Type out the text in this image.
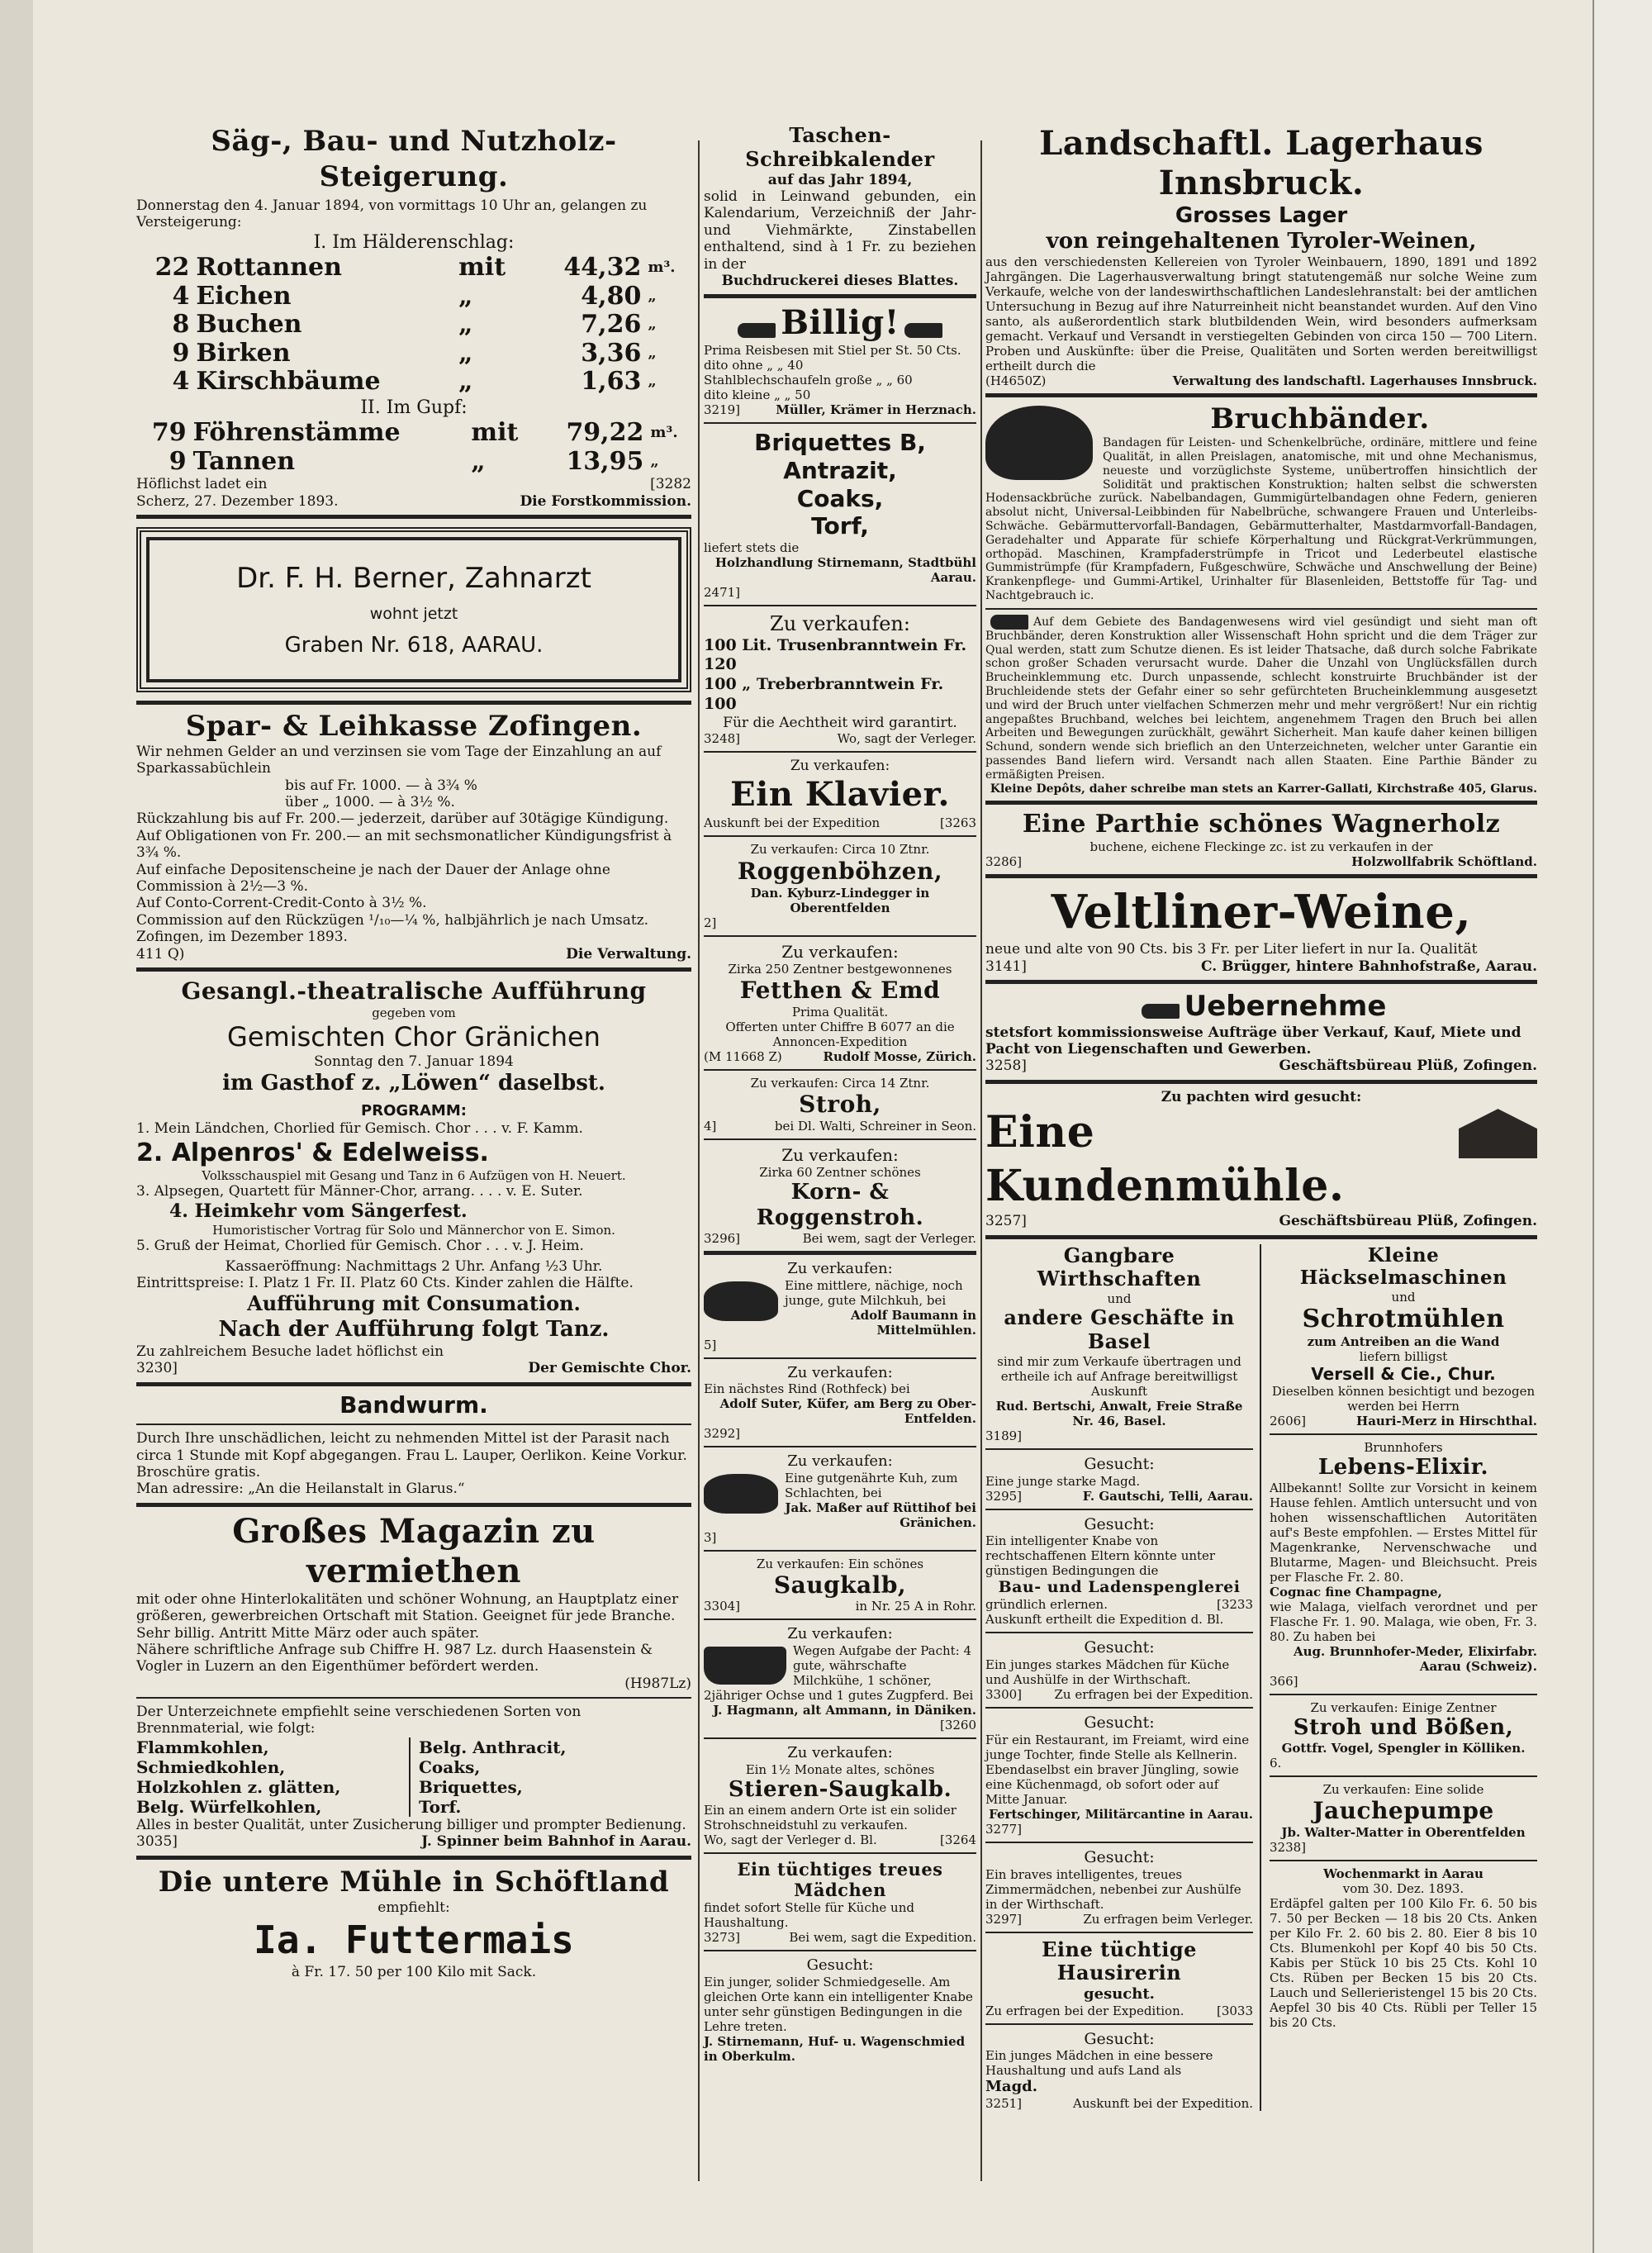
Säg-, Bau- und Nutzholz-Steigerung.
Donnerstag den 4. Januar 1894, von vormittags 10 Uhr an, gelangen zu Versteigerung:
I. Im Hälderenschlag:
22	Rottannen	mit	44,32	m³.
4	Eichen	„	4,80	„
8	Buchen	„	7,26	„
9	Birken	„	3,36	„
4	Kirschbäume	„	1,63	„
II. Im Gupf:
79	Föhrenstämme	mit	79,22	m³.
9	Tannen	„	13,95	„
Höflichst ladet ein	[3282
Scherz, 27. Dezember 1893.	Die Forstkommission.
Dr. F. H. Berner, Zahnarzt
wohnt jetzt
Graben Nr. 618, AARAU.
Spar- & Leihkasse Zofingen.
Wir nehmen Gelder an und verzinsen sie vom Tage der Einzahlung an auf Sparkassabüchlein
bis auf Fr. 1000. — à 3¾ %
über „ 1000. — à 3½ %.
Rückzahlung bis auf Fr. 200.— jederzeit, darüber auf 30tägige Kündigung.
Auf Obligationen von Fr. 200.— an mit sechsmonatlicher Kündigungsfrist à 3¾ %.
Auf einfache Depositenscheine je nach der Dauer der Anlage ohne Commission à 2½—3 %.
Auf Conto-Corrent-Credit-Conto à 3½ %.
Commission auf den Rückzügen ¹/₁₀—¼ %, halbjährlich je nach Umsatz.
Zofingen, im Dezember 1893.
411 Q)	Die Verwaltung.
Gesangl.-theatralische Aufführung
gegeben vom
Gemischten Chor Gränichen
Sonntag den 7. Januar 1894
im Gasthof z. „Löwen“ daselbst.
PROGRAMM:
1. Mein Ländchen, Chorlied für Gemisch. Chor . . . v. F. Kamm.
2. Alpenros' & Edelweiss.
Volksschauspiel mit Gesang und Tanz in 6 Aufzügen von H. Neuert.
3. Alpsegen, Quartett für Männer-Chor, arrang. . . . v. E. Suter.
4. Heimkehr vom Sängerfest.
Humoristischer Vortrag für Solo und Männerchor von E. Simon.
5. Gruß der Heimat, Chorlied für Gemisch. Chor . . . v. J. Heim.
Kassaeröffnung: Nachmittags 2 Uhr. Anfang ½3 Uhr.
Eintrittspreise: I. Platz 1 Fr. II. Platz 60 Cts. Kinder zahlen die Hälfte.
Aufführung mit Consumation.
Nach der Aufführung folgt Tanz.
Zu zahlreichem Besuche ladet höflichst ein
3230]	Der Gemischte Chor.
Bandwurm.
Durch Ihre unschädlichen, leicht zu nehmenden Mittel ist der Parasit nach circa 1 Stunde mit Kopf abgegangen. Frau L. Lauper, Oerlikon. Keine Vorkur. Broschüre gratis.
Man adressire: „An die Heilanstalt in Glarus.“
Großes Magazin zu vermiethen
mit oder ohne Hinterlokalitäten und schöner Wohnung, an Hauptplatz einer größeren, gewerbreichen Ortschaft mit Station. Geeignet für jede Branche. Sehr billig. Antritt Mitte März oder auch später.
Nähere schriftliche Anfrage sub Chiffre H. 987 Lz. durch Haasenstein & Vogler in Luzern an den Eigenthümer befördert werden.
(H987Lz)
Der Unterzeichnete empfiehlt seine verschiedenen Sorten von Brennmaterial, wie folgt:
Flammkohlen,
Schmiedkohlen,
Holzkohlen z. glätten,
Belg. Würfelkohlen,
Belg. Anthracit,
Coaks,
Briquettes,
Torf.
Alles in bester Qualität, unter Zusicherung billiger und prompter Bedienung.
3035]	J. Spinner beim Bahnhof in Aarau.
Die untere Mühle in Schöftland
empfiehlt:
Ia. Futtermais
à Fr. 17. 50 per 100 Kilo mit Sack.
Taschen-Schreibkalender
auf das Jahr 1894,
solid in Leinwand gebunden, ein Kalendarium, Verzeichniß der Jahr- und Viehmärkte, Zinstabellen enthaltend, sind à 1 Fr. zu beziehen in der
Buchdruckerei dieses Blattes.
Billig!
Prima Reisbesen mit Stiel per St. 50 Cts.
dito ohne „ „ 40
Stahlblechschaufeln große „ „ 60
dito kleine „ „ 50
3219]	Müller, Krämer in Herznach.
Briquettes B,
Antrazit,
Coaks,
Torf,
liefert stets die
Holzhandlung Stirnemann, Stadtbühl Aarau.
2471]
Zu verkaufen:
100 Lit. Trusenbranntwein Fr. 120
100 „ Treberbranntwein Fr. 100
Für die Aechtheit wird garantirt.
3248]	Wo, sagt der Verleger.
Zu verkaufen:
Ein Klavier.
Auskunft bei der Expedition	[3263
Zu verkaufen: Circa 10 Ztnr.
Roggenböhzen,
Dan. Kyburz-Lindegger in Oberentfelden
2]
Zu verkaufen:
Zirka 250 Zentner bestgewonnenes
Fetthen & Emd
Prima Qualität.
Offerten unter Chiffre B 6077 an die Annoncen-Expedition
(M 11668 Z)	Rudolf Mosse, Zürich.
Zu verkaufen: Circa 14 Ztnr.
Stroh,
4]	bei Dl. Walti, Schreiner in Seon.
Zu verkaufen:
Zirka 60 Zentner schönes
Korn- & Roggenstroh.
3296]	Bei wem, sagt der Verleger.
Zu verkaufen:
Eine mittlere, nächige, noch junge, gute Milchkuh, bei
Adolf Baumann in Mittelmühlen.
5]
Zu verkaufen:
Ein nächstes Rind (Rothfeck) bei
Adolf Suter, Küfer, am Berg zu Ober-Entfelden.
3292]
Zu verkaufen:
Eine gutgenährte Kuh, zum Schlachten, bei
Jak. Maßer auf Rüttihof bei Gränichen.
3]
Zu verkaufen: Ein schönes
Saugkalb,
3304]	in Nr. 25 A in Rohr.
Zu verkaufen:
Wegen Aufgabe der Pacht: 4 gute, währschafte Milchkühe, 1 schöner, 2jähriger Ochse und 1 gutes Zugpferd. Bei
J. Hagmann, alt Ammann, in Däniken.
[3260
Zu verkaufen:
Ein 1½ Monate altes, schönes
Stieren-Saugkalb.
Ein an einem andern Orte ist ein solider Strohschneidstuhl zu verkaufen.
Wo, sagt der Verleger d. Bl.	[3264
Ein tüchtiges treues Mädchen
findet sofort Stelle für Küche und Haushaltung.
3273]	Bei wem, sagt die Expedition.
Gesucht:
Ein junger, solider Schmiedgeselle. Am gleichen Orte kann ein intelligenter Knabe unter sehr günstigen Bedingungen in die Lehre treten.
J. Stirnemann, Huf- u. Wagenschmied in Oberkulm.
Landschaftl. Lagerhaus Innsbruck.
Grosses Lager
von reingehaltenen Tyroler-Weinen,
aus den verschiedensten Kellereien von Tyroler Weinbauern, 1890, 1891 und 1892 Jahrgängen. Die Lagerhausverwaltung bringt statutengemäß nur solche Weine zum Verkaufe, welche von der landeswirthschaftlichen Landeslehranstalt: bei der amtlichen Untersuchung in Bezug auf ihre Naturreinheit nicht beanstandet wurden. Auf den Vino santo, als außerordentlich stark blutbildenden Wein, wird besonders aufmerksam gemacht. Verkauf und Versandt in verstiegelten Gebinden von circa 150 — 700 Litern. Proben und Auskünfte: über die Preise, Qualitäten und Sorten werden bereitwilligst ertheilt durch die
(H4650Z)	Verwaltung des landschaftl. Lagerhauses Innsbruck.
Bruchbänder.
Bandagen für Leisten- und Schenkelbrüche, ordinäre, mittlere und feine Qualität, in allen Preislagen, anatomische, mit und ohne Mechanismus, neueste und vorzüglichste Systeme, unübertroffen hinsichtlich der Solidität und praktischen Konstruktion; halten selbst die schwersten Hodensackbrüche zurück. Nabelbandagen, Gummigürtelbandagen ohne Federn, genieren absolut nicht, Universal-Leibbinden für Nabelbrüche, schwangere Frauen und Unterleibs-Schwäche. Gebärmuttervorfall-Bandagen, Gebärmutterhalter, Mastdarmvorfall-Bandagen, Geradehalter und Apparate für schiefe Körperhaltung und Rückgrat-Verkrümmungen, orthopäd. Maschinen, Krampfaderstrümpfe in Tricot und Lederbeutel elastische Gummistrümpfe (für Krampfadern, Fußgeschwüre, Schwäche und Anschwellung der Beine) Krankenpflege- und Gummi-Artikel, Urinhalter für Blasenleiden, Bettstoffe für Tag- und Nachtgebrauch ic.
Auf dem Gebiete des Bandagenwesens wird viel gesündigt und sieht man oft Bruchbänder, deren Konstruktion aller Wissenschaft Hohn spricht und die dem Träger zur Qual werden, statt zum Schutze dienen. Es ist leider Thatsache, daß durch solche Fabrikate schon großer Schaden verursacht wurde. Daher die Unzahl von Unglücksfällen durch Brucheinklemmung etc. Durch unpassende, schlecht konstruirte Bruchbänder ist der Bruchleidende stets der Gefahr einer so sehr gefürchteten Brucheinklemmung ausgesetzt und wird der Bruch unter vielfachen Schmerzen mehr und mehr vergrößert! Nur ein richtig angepaßtes Bruchband, welches bei leichtem, angenehmem Tragen den Bruch bei allen Arbeiten und Bewegungen zurückhält, gewährt Sicherheit. Man kaufe daher keinen billigen Schund, sondern wende sich brieflich an den Unterzeichneten, welcher unter Garantie ein passendes Band liefern wird. Versandt nach allen Staaten. Eine Parthie Bänder zu ermäßigten Preisen.
Kleine Depôts, daher schreibe man stets an Karrer-Gallati, Kirchstraße 405, Glarus.
Eine Parthie schönes Wagnerholz
buchene, eichene Fleckinge zc. ist zu verkaufen in der
3286]	Holzwollfabrik Schöftland.
Veltliner-Weine,
neue und alte von 90 Cts. bis 3 Fr. per Liter liefert in nur Ia. Qualität
3141]	C. Brügger, hintere Bahnhofstraße, Aarau.
Uebernehme
stetsfort kommissionsweise Aufträge über Verkauf, Kauf, Miete und Pacht von Liegenschaften und Gewerben.
3258]	Geschäftsbüreau Plüß, Zofingen.
Zu pachten wird gesucht:
Eine Kundenmühle.
3257]	Geschäftsbüreau Plüß, Zofingen.
Gangbare Wirthschaften
und
andere Geschäfte in Basel
sind mir zum Verkaufe übertragen und ertheile ich auf Anfrage bereitwilligst Auskunft
Rud. Bertschi, Anwalt, Freie Straße Nr. 46, Basel.
3189]
Gesucht:
Eine junge starke Magd.
3295]	F. Gautschi, Telli, Aarau.
Gesucht:
Ein intelligenter Knabe von rechtschaffenen Eltern könnte unter günstigen Bedingungen die
Bau- und Ladenspenglerei
gründlich erlernen.	[3233
Auskunft ertheilt die Expedition d. Bl.
Gesucht:
Ein junges starkes Mädchen für Küche und Aushülfe in der Wirthschaft.
3300]	Zu erfragen bei der Expedition.
Gesucht:
Für ein Restaurant, im Freiamt, wird eine junge Tochter, finde Stelle als Kellnerin. Ebendaselbst ein braver Jüngling, sowie eine Küchenmagd, ob sofort oder auf Mitte Januar.
Fertschinger, Militärcantine in Aarau.
3277]
Gesucht:
Ein braves intelligentes, treues Zimmermädchen, nebenbei zur Aushülfe in der Wirthschaft.
3297]	Zu erfragen beim Verleger.
Eine tüchtige Hausirerin
gesucht.
Zu erfragen bei der Expedition.	[3033
Gesucht:
Ein junges Mädchen in eine bessere Haushaltung und aufs Land als
Magd.
3251]	Auskunft bei der Expedition.
Kleine Häckselmaschinen
und
Schrotmühlen
zum Antreiben an die Wand
liefern billigst
Versell & Cie., Chur.
Dieselben können besichtigt und bezogen werden bei Herrn
2606]	Hauri-Merz in Hirschthal.
Brunnhofers
Lebens-Elixir.
Allbekannt! Sollte zur Vorsicht in keinem Hause fehlen. Amtlich untersucht und von hohen wissenschaftlichen Autoritäten auf's Beste empfohlen. — Erstes Mittel für Magenkranke, Nervenschwache und Blutarme, Magen- und Bleichsucht. Preis per Flasche Fr. 2. 80.
Cognac fine Champagne,
wie Malaga, vielfach verordnet und per Flasche Fr. 1. 90. Malaga, wie oben, Fr. 3. 80. Zu haben bei
Aug. Brunnhofer-Meder, Elixirfabr. Aarau (Schweiz).
366]
Zu verkaufen: Einige Zentner
Stroh und Bößen,
Gottfr. Vogel, Spengler in Kölliken.
6.
Zu verkaufen: Eine solide
Jauchepumpe
Jb. Walter-Matter in Oberentfelden
3238]
Wochenmarkt in Aarau
vom 30. Dez. 1893.
Erdäpfel galten per 100 Kilo Fr. 6. 50 bis 7. 50 per Becken — 18 bis 20 Cts. Anken per Kilo Fr. 2. 60 bis 2. 80. Eier 8 bis 10 Cts. Blumenkohl per Kopf 40 bis 50 Cts. Kabis per Stück 10 bis 25 Cts. Kohl 10 Cts. Rüben per Becken 15 bis 20 Cts. Lauch und Sellerieristengel 15 bis 20 Cts. Aepfel 30 bis 40 Cts. Rübli per Teller 15 bis 20 Cts.
